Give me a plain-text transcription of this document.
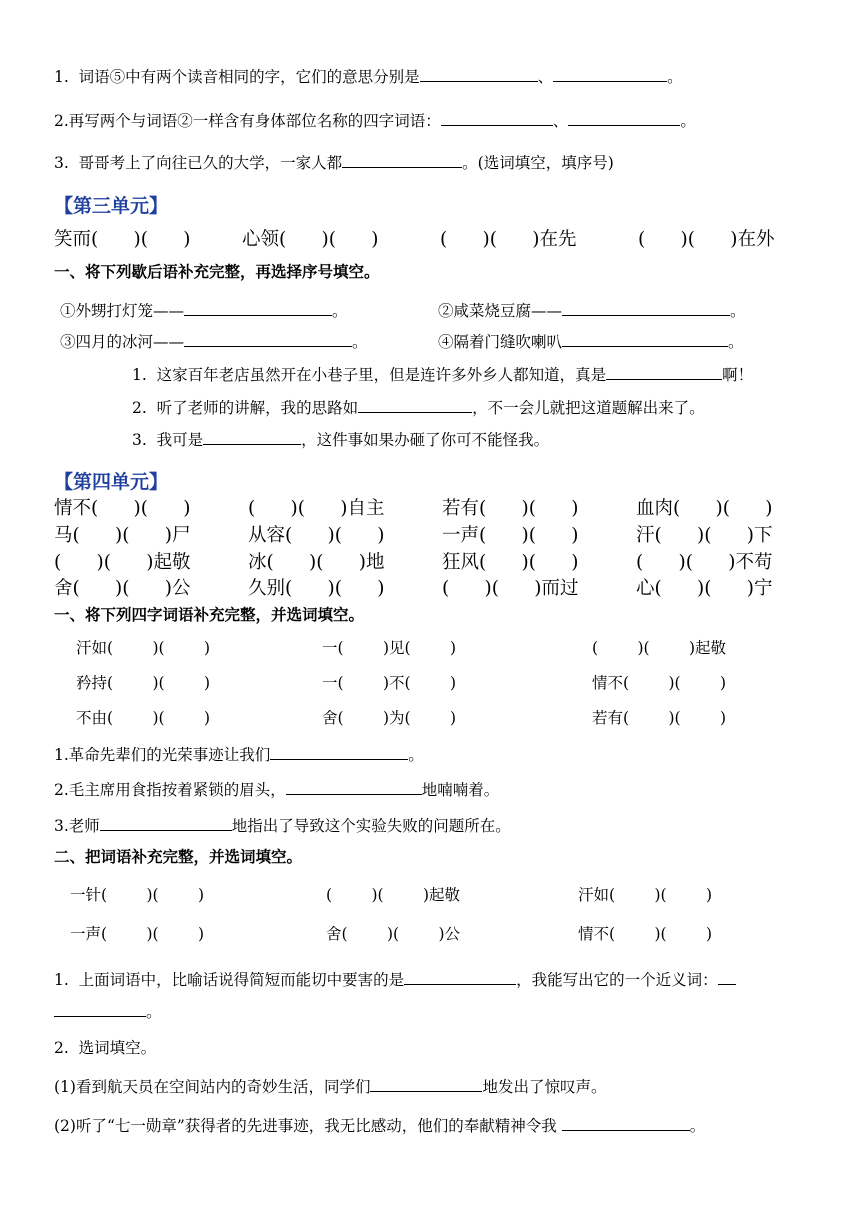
1.  词语⑤中有两个读音相同的字，它们的意思分别是	、	。
2.再写两个与词语②一样含有身体部位名称的四字词语：	、	。
3.  哥哥考上了向往已久的大学，一家人都	。(选词填空，填序号)
【第三单元】
笑而(      )(      )	心领(      )(      )	(      )(      )在先	(      )(      )在外
一、将下列歇后语补充完整，再选择序号填空。
①外甥打灯笼——	。	②咸菜烧豆腐——	。
③四月的冰河——	。	④隔着门缝吹喇叭	。
1.  这家百年老店虽然开在小巷子里，但是连许多外乡人都知道，真是	啊！
2.  听了老师的讲解，我的思路如	，不一会儿就把这道题解出来了。
3.  我可是	，这件事如果办砸了你可不能怪我。
【第四单元】
情不(      )(      )	(      )(      )自主	若有(      )(      )	血肉(      )(      )
马(      )(      )尸	从容(      )(      )	一声(      )(      )	汗(      )(      )下
(      )(      )起敬	冰(      )(      )地	狂风(      )(      )	(      )(      )不苟
舍(      )(      )公	久别(      )(      )	(      )(      )而过	心(      )(      )宁
一、将下列四字词语补充完整，并选词填空。
汗如(        )(        )	一(        )见(        )	(        )(        )起敬
矜持(        )(        )	一(        )不(        )	情不(        )(        )
不由(        )(        )	舍(        )为(        )	若有(        )(        )
1.革命先辈们的光荣事迹让我们	。
2.毛主席用食指按着紧锁的眉头，	地喃喃着。
3.老师	地指出了导致这个实验失败的问题所在。
二、把词语补充完整，并选词填空。
一针(        )(        )	(        )(        )起敬	汗如(        )(        )
一声(        )(        )	舍(        )(        )公	情不(        )(        )
1.  上面词语中，比喻话说得简短而能切中要害的是	，我能写出它的一个近义词：
。
2.  选词填空。
(1)看到航天员在空间站内的奇妙生活，同学们	地发出了惊叹声。
(2)听了“七一勋章”获得者的先进事迹，我无比感动，他们的奉献精神令我	。
